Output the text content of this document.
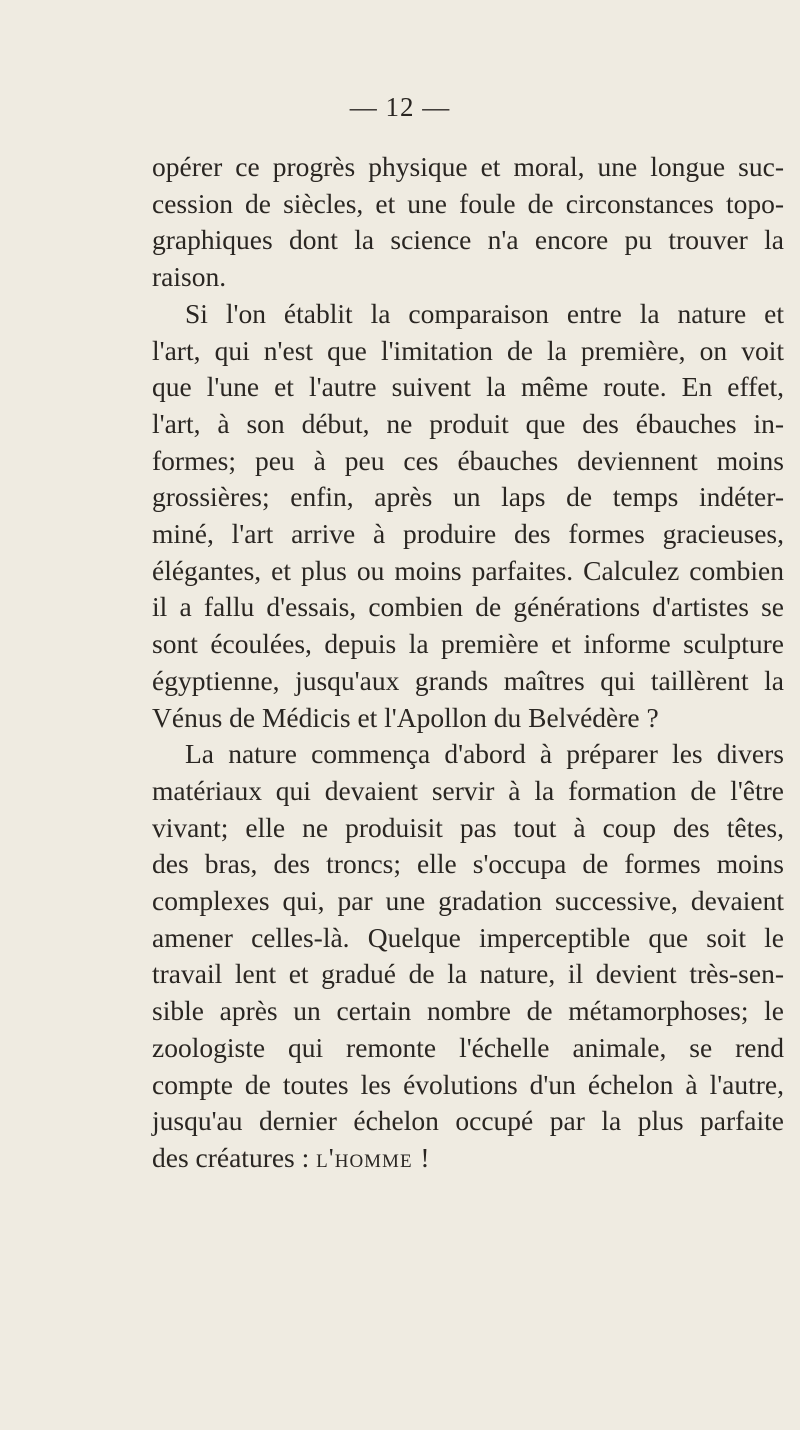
— 12 —
opérer ce progrès physique et moral, une longue suc-
cession de siècles, et une foule de circonstances topo-
graphiques dont la science n'a encore pu trouver la
raison.
Si l'on établit la comparaison entre la nature et
l'art, qui n'est que l'imitation de la première, on voit
que l'une et l'autre suivent la même route. En effet,
l'art, à son début, ne produit que des ébauches in-
formes; peu à peu ces ébauches deviennent moins
grossières; enfin, après un laps de temps indéter-
miné, l'art arrive à produire des formes gracieuses,
élégantes, et plus ou moins parfaites. Calculez combien
il a fallu d'essais, combien de générations d'artistes se
sont écoulées, depuis la première et informe sculpture
égyptienne, jusqu'aux grands maîtres qui taillèrent la
Vénus de Médicis et l'Apollon du Belvédère ?
La nature commença d'abord à préparer les divers
matériaux qui devaient servir à la formation de l'être
vivant; elle ne produisit pas tout à coup des têtes,
des bras, des troncs; elle s'occupa de formes moins
complexes qui, par une gradation successive, devaient
amener celles-là. Quelque imperceptible que soit le
travail lent et gradué de la nature, il devient très-sen-
sible après un certain nombre de métamorphoses; le
zoologiste qui remonte l'échelle animale, se rend
compte de toutes les évolutions d'un échelon à l'autre,
jusqu'au dernier échelon occupé par la plus parfaite
des créatures : l'homme !
